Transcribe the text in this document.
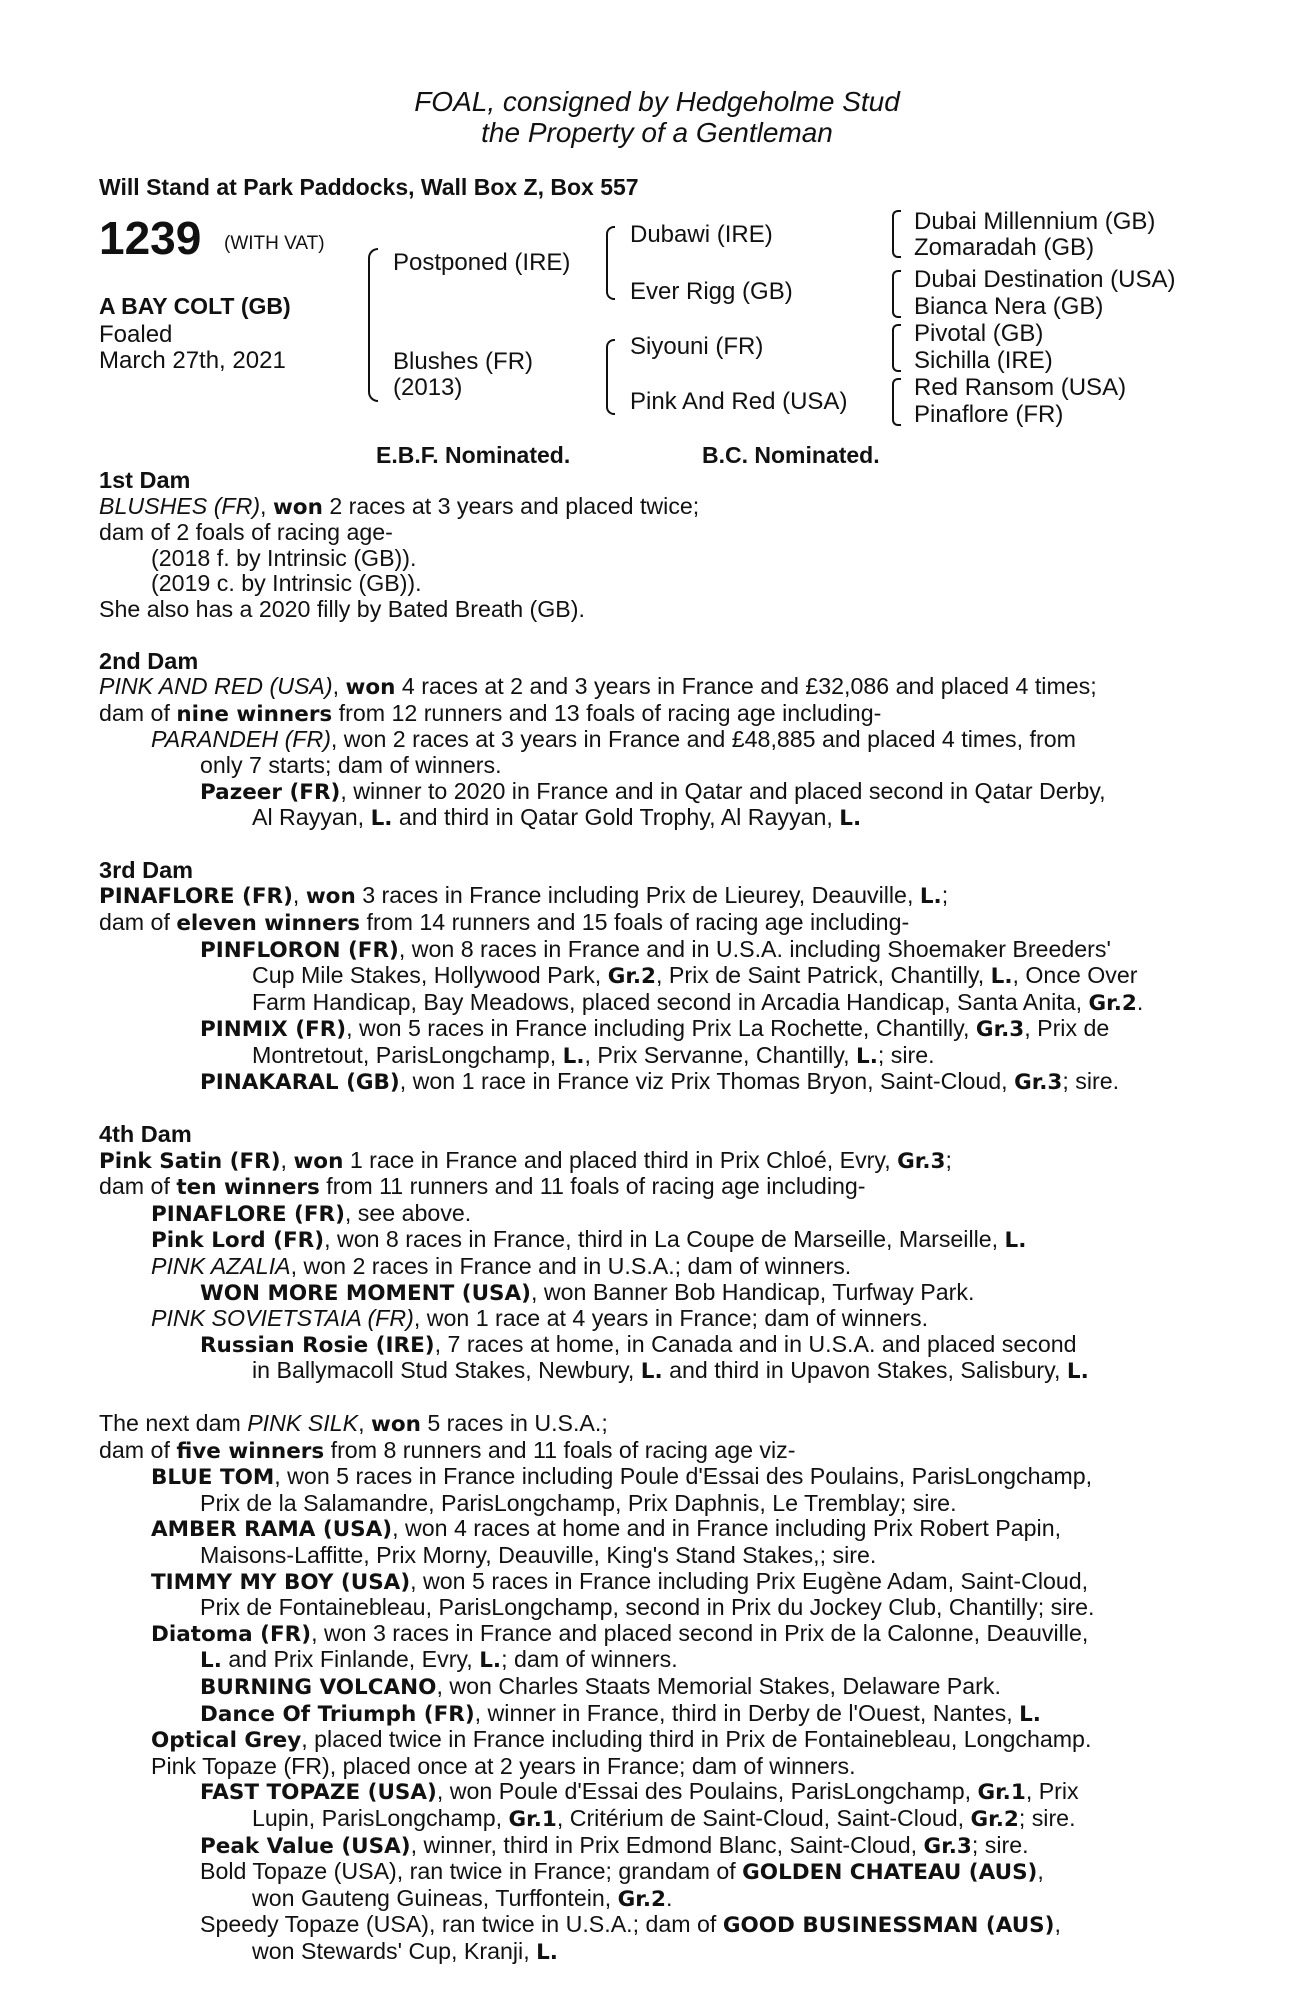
FOAL, consigned by Hedgeholme Stud
the Property of a Gentleman
Will Stand at Park Paddocks, Wall Box Z, Box 557
1239 (WITH VAT)
A BAY COLT (GB)
Foaled
March 27th, 2021
Postponed (IRE)
Blushes (FR)
(2013)
Dubawi (IRE)
Ever Rigg (GB)
Siyouni (FR)
Pink And Red (USA)
Dubai Millennium (GB)
Zomaradah (GB)
Dubai Destination (USA)
Bianca Nera (GB)
Pivotal (GB)
Sichilla (IRE)
Red Ransom (USA)
Pinaflore (FR)
E.B.F. Nominated.	B.C. Nominated.
1st Dam
BLUSHES (FR), won 2 races at 3 years and placed twice;
dam of 2 foals of racing age-
(2018 f. by Intrinsic (GB)).
(2019 c. by Intrinsic (GB)).
She also has a 2020 filly by Bated Breath (GB).
2nd Dam
PINK AND RED (USA), won 4 races at 2 and 3 years in France and £32,086 and placed 4 times;
dam of nine winners from 12 runners and 13 foals of racing age including-
PARANDEH (FR), won 2 races at 3 years in France and £48,885 and placed 4 times, from
only 7 starts; dam of winners.
Pazeer (FR), winner to 2020 in France and in Qatar and placed second in Qatar Derby,
Al Rayyan, L. and third in Qatar Gold Trophy, Al Rayyan, L.
3rd Dam
PINAFLORE (FR), won 3 races in France including Prix de Lieurey, Deauville, L.;
dam of eleven winners from 14 runners and 15 foals of racing age including-
PINFLORON (FR), won 8 races in France and in U.S.A. including Shoemaker Breeders'
Cup Mile Stakes, Hollywood Park, Gr.2, Prix de Saint Patrick, Chantilly, L., Once Over
Farm Handicap, Bay Meadows, placed second in Arcadia Handicap, Santa Anita, Gr.2.
PINMIX (FR), won 5 races in France including Prix La Rochette, Chantilly, Gr.3, Prix de
Montretout, ParisLongchamp, L., Prix Servanne, Chantilly, L.; sire.
PINAKARAL (GB), won 1 race in France viz Prix Thomas Bryon, Saint-Cloud, Gr.3; sire.
4th Dam
Pink Satin (FR), won 1 race in France and placed third in Prix Chloé, Evry, Gr.3;
dam of ten winners from 11 runners and 11 foals of racing age including-
PINAFLORE (FR), see above.
Pink Lord (FR), won 8 races in France, third in La Coupe de Marseille, Marseille, L.
PINK AZALIA, won 2 races in France and in U.S.A.; dam of winners.
WON MORE MOMENT (USA), won Banner Bob Handicap, Turfway Park.
PINK SOVIETSTAIA (FR), won 1 race at 4 years in France; dam of winners.
Russian Rosie (IRE), 7 races at home, in Canada and in U.S.A. and placed second
in Ballymacoll Stud Stakes, Newbury, L. and third in Upavon Stakes, Salisbury, L.
The next dam PINK SILK, won 5 races in U.S.A.;
dam of five winners from 8 runners and 11 foals of racing age viz-
BLUE TOM, won 5 races in France including Poule d'Essai des Poulains, ParisLongchamp,
Prix de la Salamandre, ParisLongchamp, Prix Daphnis, Le Tremblay; sire.
AMBER RAMA (USA), won 4 races at home and in France including Prix Robert Papin,
Maisons-Laffitte, Prix Morny, Deauville, King's Stand Stakes,; sire.
TIMMY MY BOY (USA), won 5 races in France including Prix Eugène Adam, Saint-Cloud,
Prix de Fontainebleau, ParisLongchamp, second in Prix du Jockey Club, Chantilly; sire.
Diatoma (FR), won 3 races in France and placed second in Prix de la Calonne, Deauville,
L. and Prix Finlande, Evry, L.; dam of winners.
BURNING VOLCANO, won Charles Staats Memorial Stakes, Delaware Park.
Dance Of Triumph (FR), winner in France, third in Derby de l'Ouest, Nantes, L.
Optical Grey, placed twice in France including third in Prix de Fontainebleau, Longchamp.
Pink Topaze (FR), placed once at 2 years in France; dam of winners.
FAST TOPAZE (USA), won Poule d'Essai des Poulains, ParisLongchamp, Gr.1, Prix
Lupin, ParisLongchamp, Gr.1, Critérium de Saint-Cloud, Saint-Cloud, Gr.2; sire.
Peak Value (USA), winner, third in Prix Edmond Blanc, Saint-Cloud, Gr.3; sire.
Bold Topaze (USA), ran twice in France; grandam of GOLDEN CHATEAU (AUS),
won Gauteng Guineas, Turffontein, Gr.2.
Speedy Topaze (USA), ran twice in U.S.A.; dam of GOOD BUSINESSMAN (AUS),
won Stewards' Cup, Kranji, L.
